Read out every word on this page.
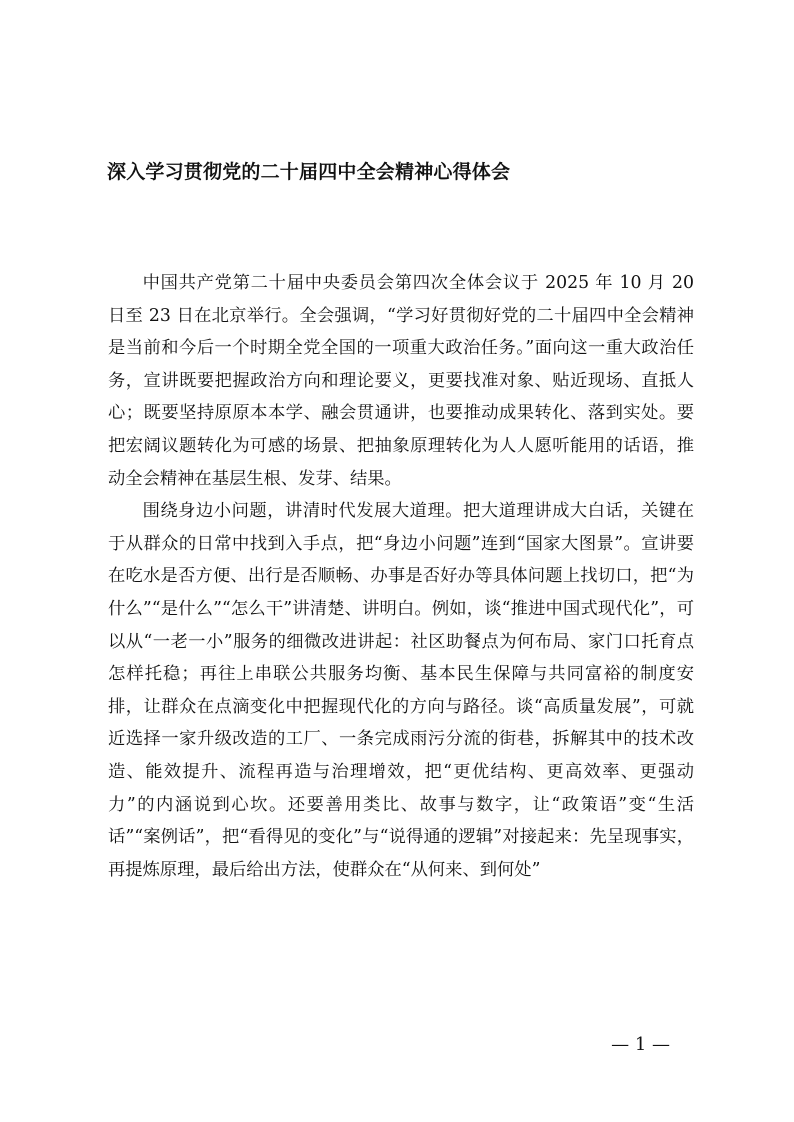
深入学习贯彻党的二十届四中全会精神心得体会

中国共产党第二十届中央委员会第四次全体会议于 2025 年 10 月 20 日至 23 日在北京举行。全会强调，“学习好贯彻好党的二十届四中全会精神是当前和今后一个时期全党全国的一项重大政治任务。”面向这一重大政治任务，宣讲既要把握政治方向和理论要义，更要找准对象、贴近现场、直抵人心；既要坚持原原本本学、融会贯通讲，也要推动成果转化、落到实处。要把宏阔议题转化为可感的场景、把抽象原理转化为人人愿听能用的话语，推动全会精神在基层生根、发芽、结果。

围绕身边小问题，讲清时代发展大道理。把大道理讲成大白话，关键在于从群众的日常中找到入手点，把“身边小问题”连到“国家大图景”。宣讲要在吃水是否方便、出行是否顺畅、办事是否好办等具体问题上找切口，把“为什么”“是什么”“怎么干”讲清楚、讲明白。例如，谈“推进中国式现代化”，可以从“一老一小”服务的细微改进讲起：社区助餐点为何布局、家门口托育点怎样托稳；再往上串联公共服务均衡、基本民生保障与共同富裕的制度安排，让群众在点滴变化中把握现代化的方向与路径。谈“高质量发展”，可就近选择一家升级改造的工厂、一条完成雨污分流的街巷，拆解其中的技术改造、能效提升、流程再造与治理增效，把“更优结构、更高效率、更强动力”的内涵说到心坎。还要善用类比、故事与数字，让“政策语”变“生活话”“案例话”，把“看得见的变化”与“说得通的逻辑”对接起来：先呈现事实，再提炼原理，最后给出方法，使群众在“从何来、到何处”

— 1 —
